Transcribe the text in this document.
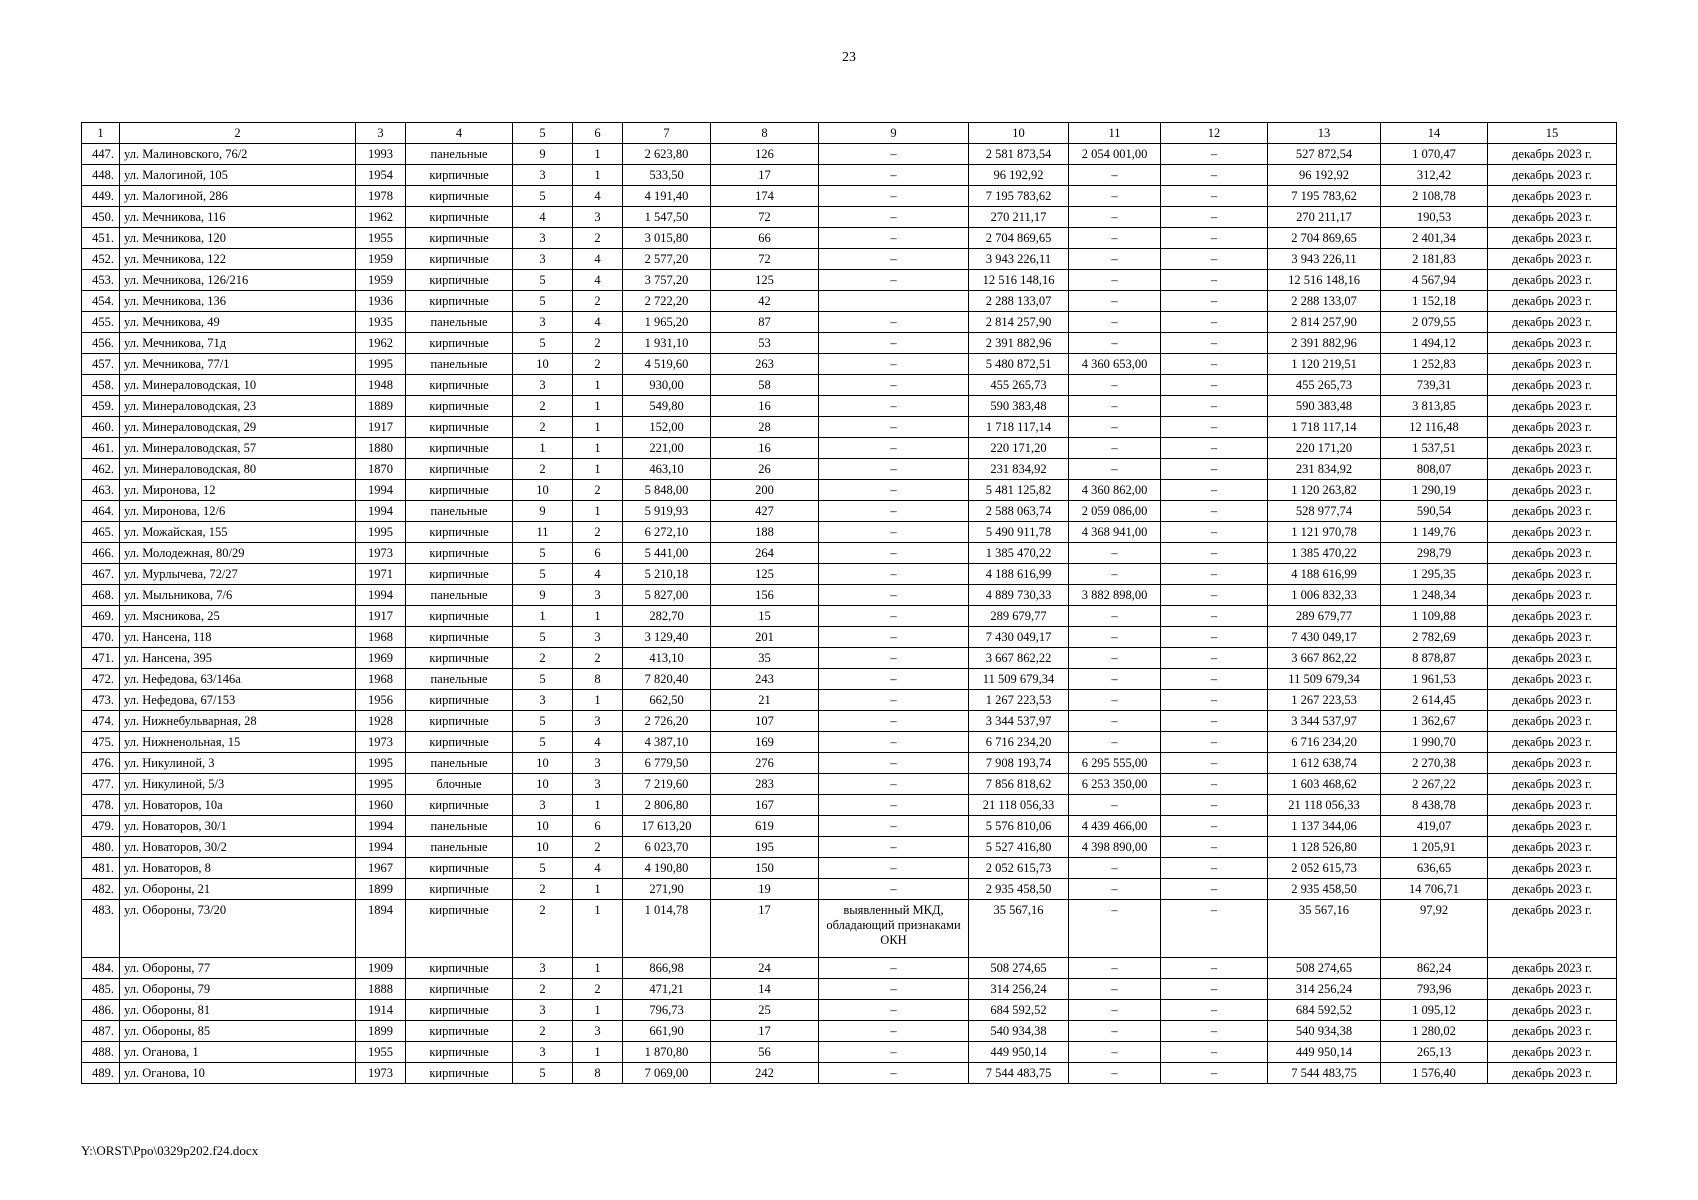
23
1	2	3	4	5	6	7	8	9	10	11	12	13	14	15
447.	ул. Малиновского, 76/2	1993	панельные	9	1	2 623,80	126	–	2 581 873,54	2 054 001,00	–	527 872,54	1 070,47	декабрь 2023 г.
448.	ул. Малогиной, 105	1954	кирпичные	3	1	533,50	17	–	96 192,92	–	–	96 192,92	312,42	декабрь 2023 г.
449.	ул. Малогиной, 286	1978	кирпичные	5	4	4 191,40	174	–	7 195 783,62	–	–	7 195 783,62	2 108,78	декабрь 2023 г.
450.	ул. Мечникова, 116	1962	кирпичные	4	3	1 547,50	72	–	270 211,17	–	–	270 211,17	190,53	декабрь 2023 г.
451.	ул. Мечникова, 120	1955	кирпичные	3	2	3 015,80	66	–	2 704 869,65	–	–	2 704 869,65	2 401,34	декабрь 2023 г.
452.	ул. Мечникова, 122	1959	кирпичные	3	4	2 577,20	72	–	3 943 226,11	–	–	3 943 226,11	2 181,83	декабрь 2023 г.
453.	ул. Мечникова, 126/216	1959	кирпичные	5	4	3 757,20	125	–	12 516 148,16	–	–	12 516 148,16	4 567,94	декабрь 2023 г.
454.	ул. Мечникова, 136	1936	кирпичные	5	2	2 722,20	42		2 288 133,07	–	–	2 288 133,07	1 152,18	декабрь 2023 г.
455.	ул. Мечникова, 49	1935	панельные	3	4	1 965,20	87	–	2 814 257,90	–	–	2 814 257,90	2 079,55	декабрь 2023 г.
456.	ул. Мечникова, 71д	1962	кирпичные	5	2	1 931,10	53	–	2 391 882,96	–	–	2 391 882,96	1 494,12	декабрь 2023 г.
457.	ул. Мечникова, 77/1	1995	панельные	10	2	4 519,60	263	–	5 480 872,51	4 360 653,00	–	1 120 219,51	1 252,83	декабрь 2023 г.
458.	ул. Минераловодская, 10	1948	кирпичные	3	1	930,00	58	–	455 265,73	–	–	455 265,73	739,31	декабрь 2023 г.
459.	ул. Минераловодская, 23	1889	кирпичные	2	1	549,80	16	–	590 383,48	–	–	590 383,48	3 813,85	декабрь 2023 г.
460.	ул. Минераловодская, 29	1917	кирпичные	2	1	152,00	28	–	1 718 117,14	–	–	1 718 117,14	12 116,48	декабрь 2023 г.
461.	ул. Минераловодская, 57	1880	кирпичные	1	1	221,00	16	–	220 171,20	–	–	220 171,20	1 537,51	декабрь 2023 г.
462.	ул. Минераловодская, 80	1870	кирпичные	2	1	463,10	26	–	231 834,92	–	–	231 834,92	808,07	декабрь 2023 г.
463.	ул. Миронова, 12	1994	кирпичные	10	2	5 848,00	200	–	5 481 125,82	4 360 862,00	–	1 120 263,82	1 290,19	декабрь 2023 г.
464.	ул. Миронова, 12/6	1994	панельные	9	1	5 919,93	427	–	2 588 063,74	2 059 086,00	–	528 977,74	590,54	декабрь 2023 г.
465.	ул. Можайская, 155	1995	кирпичные	11	2	6 272,10	188	–	5 490 911,78	4 368 941,00	–	1 121 970,78	1 149,76	декабрь 2023 г.
466.	ул. Молодежная, 80/29	1973	кирпичные	5	6	5 441,00	264	–	1 385 470,22	–	–	1 385 470,22	298,79	декабрь 2023 г.
467.	ул. Мурлычева, 72/27	1971	кирпичные	5	4	5 210,18	125	–	4 188 616,99	–	–	4 188 616,99	1 295,35	декабрь 2023 г.
468.	ул. Мыльникова, 7/6	1994	панельные	9	3	5 827,00	156	–	4 889 730,33	3 882 898,00	–	1 006 832,33	1 248,34	декабрь 2023 г.
469.	ул. Мясникова, 25	1917	кирпичные	1	1	282,70	15	–	289 679,77	–	–	289 679,77	1 109,88	декабрь 2023 г.
470.	ул. Нансена, 118	1968	кирпичные	5	3	3 129,40	201	–	7 430 049,17	–	–	7 430 049,17	2 782,69	декабрь 2023 г.
471.	ул. Нансена, 395	1969	кирпичные	2	2	413,10	35	–	3 667 862,22	–	–	3 667 862,22	8 878,87	декабрь 2023 г.
472.	ул. Нефедова, 63/146а	1968	панельные	5	8	7 820,40	243	–	11 509 679,34	–	–	11 509 679,34	1 961,53	декабрь 2023 г.
473.	ул. Нефедова, 67/153	1956	кирпичные	3	1	662,50	21	–	1 267 223,53	–	–	1 267 223,53	2 614,45	декабрь 2023 г.
474.	ул. Нижнебульварная, 28	1928	кирпичные	5	3	2 726,20	107	–	3 344 537,97	–	–	3 344 537,97	1 362,67	декабрь 2023 г.
475.	ул. Нижненольная, 15	1973	кирпичные	5	4	4 387,10	169	–	6 716 234,20	–	–	6 716 234,20	1 990,70	декабрь 2023 г.
476.	ул. Никулиной, 3	1995	панельные	10	3	6 779,50	276	–	7 908 193,74	6 295 555,00	–	1 612 638,74	2 270,38	декабрь 2023 г.
477.	ул. Никулиной, 5/3	1995	блочные	10	3	7 219,60	283	–	7 856 818,62	6 253 350,00	–	1 603 468,62	2 267,22	декабрь 2023 г.
478.	ул. Новаторов, 10а	1960	кирпичные	3	1	2 806,80	167	–	21 118 056,33	–	–	21 118 056,33	8 438,78	декабрь 2023 г.
479.	ул. Новаторов, 30/1	1994	панельные	10	6	17 613,20	619	–	5 576 810,06	4 439 466,00	–	1 137 344,06	419,07	декабрь 2023 г.
480.	ул. Новаторов, 30/2	1994	панельные	10	2	6 023,70	195	–	5 527 416,80	4 398 890,00	–	1 128 526,80	1 205,91	декабрь 2023 г.
481.	ул. Новаторов, 8	1967	кирпичные	5	4	4 190,80	150	–	2 052 615,73	–	–	2 052 615,73	636,65	декабрь 2023 г.
482.	ул. Обороны, 21	1899	кирпичные	2	1	271,90	19	–	2 935 458,50	–	–	2 935 458,50	14 706,71	декабрь 2023 г.
483.	ул. Обороны, 73/20	1894	кирпичные	2	1	1 014,78	17	выявленный МКД, обладающий признаками ОКН	35 567,16	–	–	35 567,16	97,92	декабрь 2023 г.
484.	ул. Обороны, 77	1909	кирпичные	3	1	866,98	24	–	508 274,65	–	–	508 274,65	862,24	декабрь 2023 г.
485.	ул. Обороны, 79	1888	кирпичные	2	2	471,21	14	–	314 256,24	–	–	314 256,24	793,96	декабрь 2023 г.
486.	ул. Обороны, 81	1914	кирпичные	3	1	796,73	25	–	684 592,52	–	–	684 592,52	1 095,12	декабрь 2023 г.
487.	ул. Обороны, 85	1899	кирпичные	2	3	661,90	17	–	540 934,38	–	–	540 934,38	1 280,02	декабрь 2023 г.
488.	ул. Оганова, 1	1955	кирпичные	3	1	1 870,80	56	–	449 950,14	–	–	449 950,14	265,13	декабрь 2023 г.
489.	ул. Оганова, 10	1973	кирпичные	5	8	7 069,00	242	–	7 544 483,75	–	–	7 544 483,75	1 576,40	декабрь 2023 г.
Y:\ORST\Ppo\0329p202.f24.docx
